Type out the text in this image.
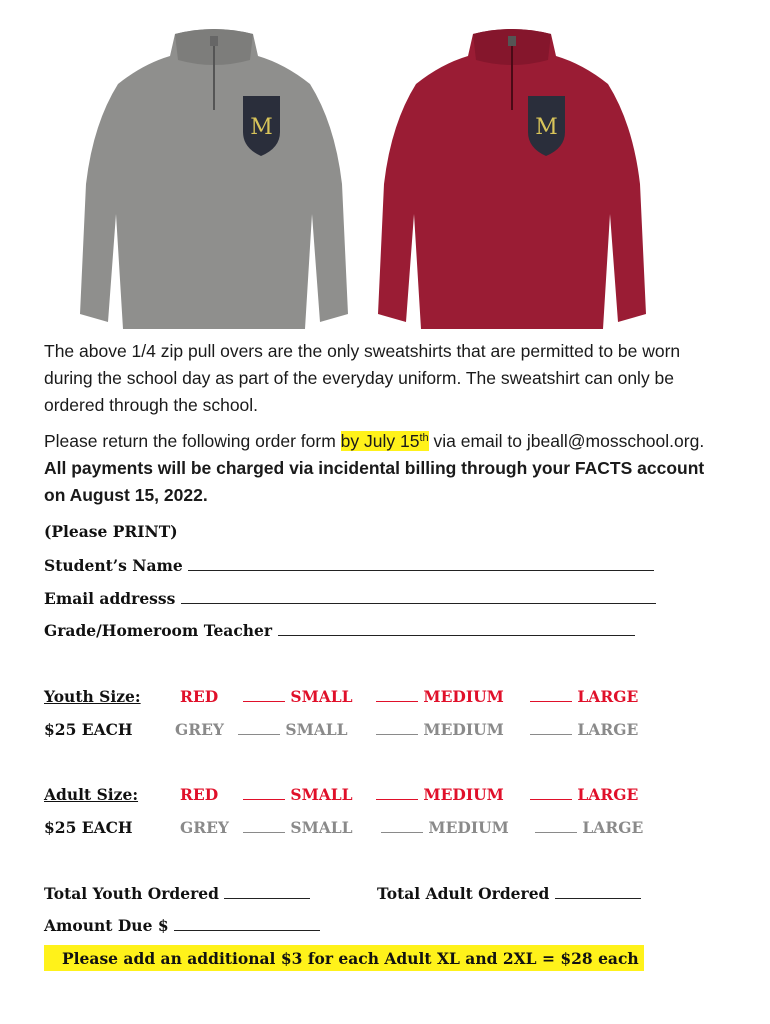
M	M
The above 1/4 zip pull overs are the only sweatshirts that are permitted to be worn during the school day as part of the everyday uniform. The sweatshirt can only be ordered through the school.
Please return the following order form by July 15th via email to jbeall@mosschool.org. All payments will be charged via incidental billing through your FACTS account on August 15, 2022.
(Please PRINT)
Student’s Name
Email addresss
Grade/Homeroom Teacher
Youth Size:	RED	SMALL	MEDIUM	LARGE
$25 EACH	GREY	SMALL	MEDIUM	LARGE
Adult Size:	RED	SMALL	MEDIUM	LARGE
$25 EACH	GREY	SMALL	MEDIUM	LARGE
Total Youth Ordered	Total Adult Ordered
Amount Due $
Please add an additional $3 for each Adult XL and 2XL = $28 each
